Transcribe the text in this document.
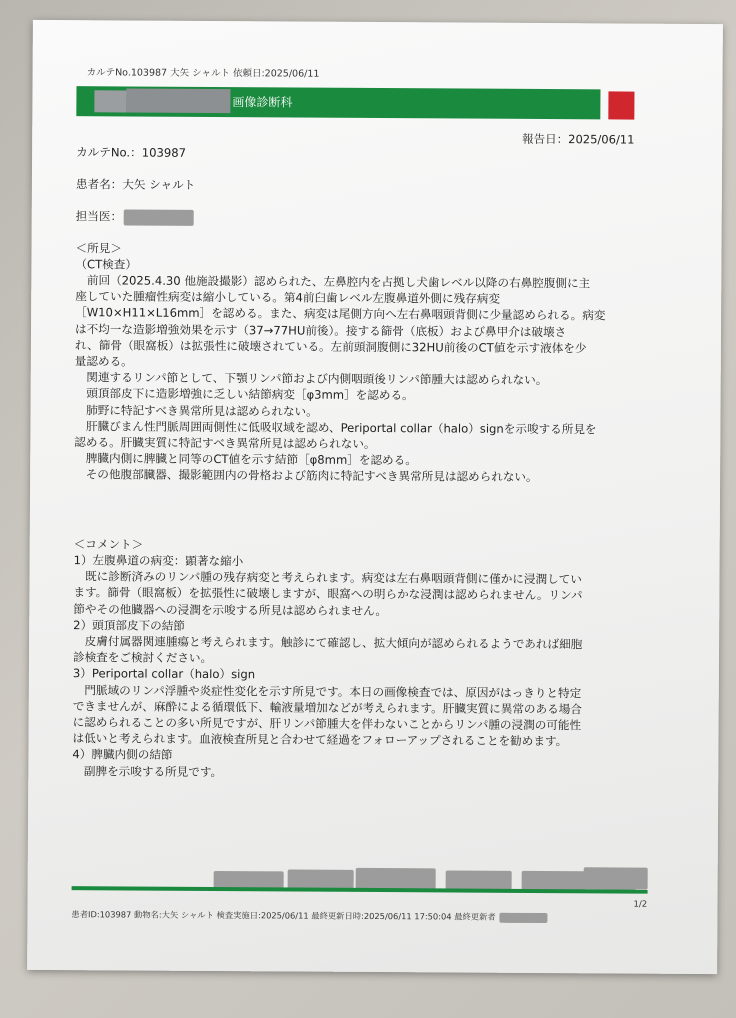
カルテNo.103987 大矢 シャルト 依頼日:2025/06/11
画像診断科
報告日：2025/06/11
カルテNo.：103987
患者名：大矢 シャルト
担当医：
＜所見＞
（CT検査）
　前回（2025.4.30 他施設撮影）認められた、左鼻腔内を占拠し犬歯レベル以降の右鼻腔腹側に主
座していた腫瘤性病変は縮小している。第4前臼歯レベル左腹鼻道外側に残存病変
［W10×H11×L16mm］を認める。また、病変は尾側方向へ左右鼻咽頭背側に少量認められる。病変
は不均一な造影増強効果を示す（37→77HU前後）。接する篩骨（底板）および鼻甲介は破壊さ
れ、篩骨（眼窩板）は拡張性に破壊されている。左前頭洞腹側に32HU前後のCT値を示す液体を少
量認める。
　関連するリンパ節として、下顎リンパ節および内側咽頭後リンパ節腫大は認められない。
　頭頂部皮下に造影増強に乏しい結節病変［φ3mm］を認める。
　肺野に特記すべき異常所見は認められない。
　肝臓びまん性門脈周囲両側性に低吸収域を認め、Periportal collar（halo）signを示唆する所見を
認める。肝臓実質に特記すべき異常所見は認められない。
　脾臓内側に脾臓と同等のCT値を示す結節［φ8mm］を認める。
　その他腹部臓器、撮影範囲内の骨格および筋肉に特記すべき異常所見は認められない。
＜コメント＞
1）左腹鼻道の病変：顕著な縮小
　既に診断済みのリンパ腫の残存病変と考えられます。病変は左右鼻咽頭背側に僅かに浸潤してい
ます。篩骨（眼窩板）を拡張性に破壊しますが、眼窩への明らかな浸潤は認められません。リンパ
節やその他臓器への浸潤を示唆する所見は認められません。
2）頭頂部皮下の結節
　皮膚付属器関連腫瘍と考えられます。触診にて確認し、拡大傾向が認められるようであれば細胞
診検査をご検討ください。
3）Periportal collar（halo）sign
　門脈域のリンパ浮腫や炎症性変化を示す所見です。本日の画像検査では、原因がはっきりと特定
できませんが、麻酔による循環低下、輸液量増加などが考えられます。肝臓実質に異常のある場合
に認められることの多い所見ですが、肝リンパ節腫大を伴わないことからリンパ腫の浸潤の可能性
は低いと考えられます。血液検査所見と合わせて経過をフォローアップされることを勧めます。
4）脾臓内側の結節
　副脾を示唆する所見です。
1/2
患者ID:103987 動物名:大矢 シャルト 検査実施日:2025/06/11 最終更新日時:2025/06/11 17:50:04 最終更新者
